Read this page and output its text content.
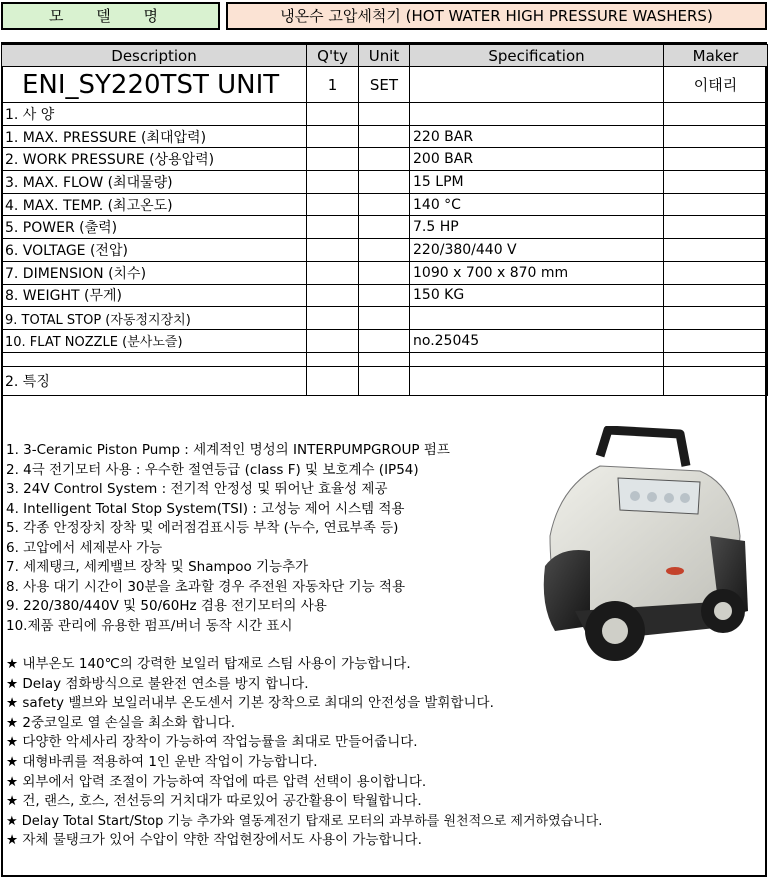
모 델 명	냉온수 고압세척기 (HOT WATER HIGH PRESSURE WASHERS)
Description	Q'ty	Unit	Specification	Maker
ENI_SY220TST UNIT	1	SET		이태리
1. 사 양				
1. MAX. PRESSURE (최대압력)			220 BAR	
2. WORK PRESSURE (상용압력)			200 BAR	
3. MAX. FLOW (최대물량)			15 LPM	
4. MAX. TEMP. (최고온도)			140 °C	
5. POWER (출력)			7.5 HP	
6. VOLTAGE (전압)			220/380/440 V	
7. DIMENSION (치수)			1090 x 700 x 870 mm	
8. WEIGHT (무게)			150 KG	
9. TOTAL STOP (자동정지장치)				
10. FLAT NOZZLE (분사노즐)			no.25045	

2. 특징				
1. 3-Ceramic Piston Pump : 세계적인 명성의 INTERPUMPGROUP 펌프
2. 4극 전기모터 사용 : 우수한 절연등급 (class F) 및 보호계수 (IP54)
3. 24V Control System : 전기적 안정성 및 뛰어난 효율성 제공
4. Intelligent Total Stop System(TSI) : 고성능 제어 시스템 적용
5. 각종 안정장치 장착 및 에러점검표시등 부착 (누수, 연료부족 등)
6. 고압에서 세제분사 가능
7. 세제탱크, 세케밸브 장착 및 Shampoo 기능추가
8. 사용 대기 시간이 30분을 초과할 경우 주전원 자동차단 기능 적용
9. 220/380/440V 및 50/60Hz 겸용 전기모터의 사용
10.제품 관리에 유용한 펌프/버너 동작 시간 표시
★ 내부온도 140℃의 강력한 보일러 탑재로 스팀 사용이 가능합니다.
★ Delay 점화방식으로 불완전 연소를 방지 합니다.
★ safety 밸브와 보일러내부 온도센서 기본 장착으로 최대의 안전성을 발휘합니다.
★ 2중코일로 열 손실을 최소화 합니다.
★ 다양한 악세사리 장착이 가능하여 작업능률을 최대로 만들어줍니다.
★ 대형바퀴를 적용하여 1인 운반 작업이 가능합니다.
★ 외부에서 압력 조절이 가능하여 작업에 따른 압력 선택이 용이합니다.
★ 건, 랜스, 호스, 전선등의 거치대가 따로있어 공간활용이 탁월합니다.
★ Delay Total Start/Stop 기능 추가와 열동계전기 탑재로 모터의 과부하를 원천적으로 제거하였습니다.
★ 자체 물탱크가 있어 수압이 약한 작업현장에서도 사용이 가능합니다.
